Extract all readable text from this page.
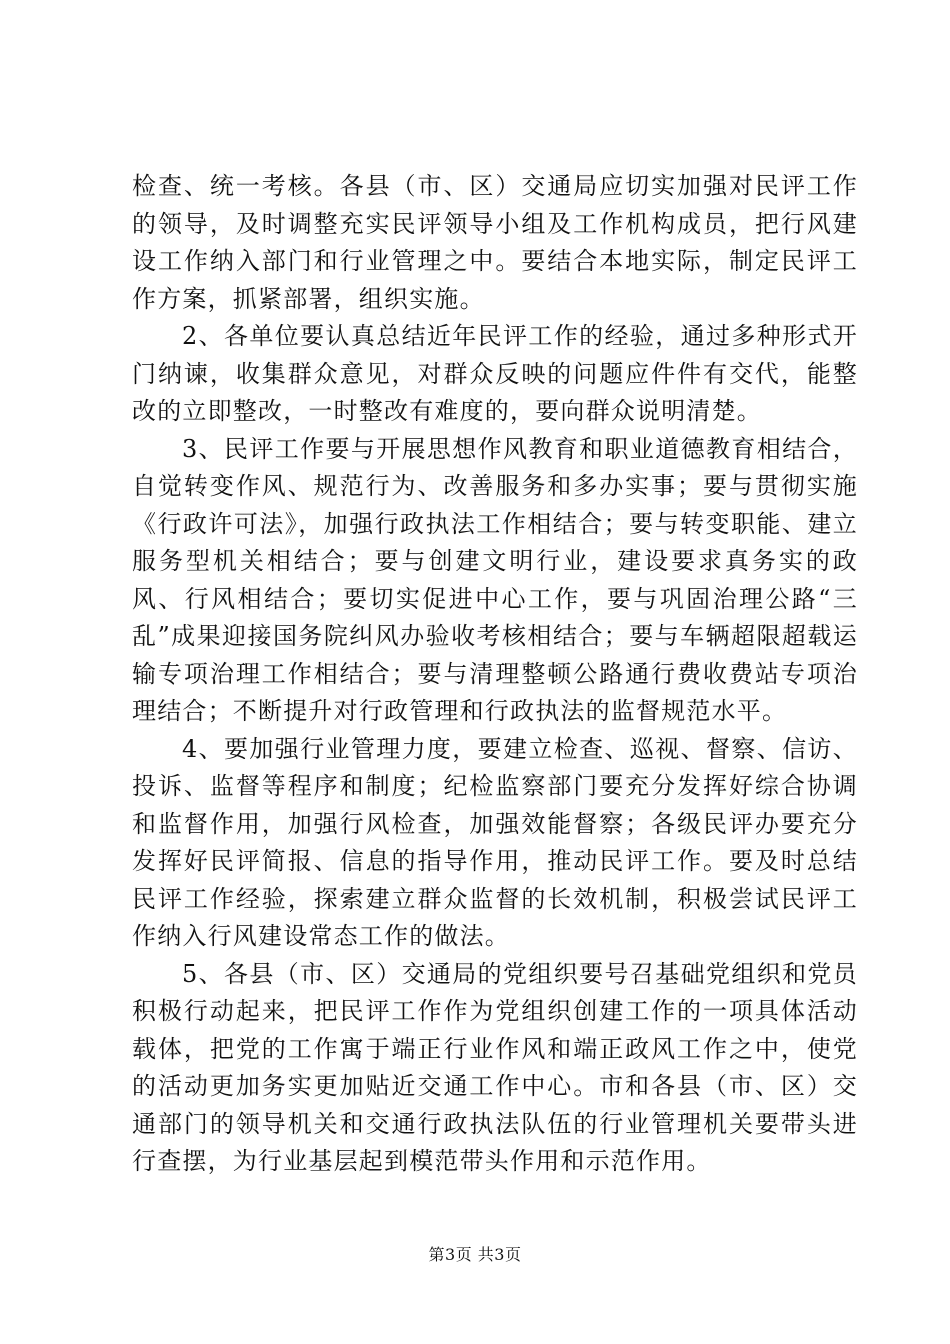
检查、统一考核。各县（市、区）交通局应切实加强对民评工作的领导，及时调整充实民评领导小组及工作机构成员，把行风建设工作纳入部门和行业管理之中。要结合本地实际，制定民评工作方案，抓紧部署，组织实施。

2、各单位要认真总结近年民评工作的经验，通过多种形式开门纳谏，收集群众意见，对群众反映的问题应件件有交代，能整改的立即整改，一时整改有难度的，要向群众说明清楚。

3、民评工作要与开展思想作风教育和职业道德教育相结合，自觉转变作风、规范行为、改善服务和多办实事；要与贯彻实施《行政许可法》，加强行政执法工作相结合；要与转变职能、建立服务型机关相结合；要与创建文明行业，建设要求真务实的政风、行风相结合；要切实促进中心工作，要与巩固治理公路“三乱”成果迎接国务院纠风办验收考核相结合；要与车辆超限超载运输专项治理工作相结合；要与清理整顿公路通行费收费站专项治理结合；不断提升对行政管理和行政执法的监督规范水平。

4、要加强行业管理力度，要建立检查、巡视、督察、信访、投诉、监督等程序和制度；纪检监察部门要充分发挥好综合协调和监督作用，加强行风检查，加强效能督察；各级民评办要充分发挥好民评简报、信息的指导作用，推动民评工作。要及时总结民评工作经验，探索建立群众监督的长效机制，积极尝试民评工作纳入行风建设常态工作的做法。

5、各县（市、区）交通局的党组织要号召基础党组织和党员积极行动起来，把民评工作作为党组织创建工作的一项具体活动载体，把党的工作寓于端正行业作风和端正政风工作之中，使党的活动更加务实更加贴近交通工作中心。市和各县（市、区）交通部门的领导机关和交通行政执法队伍的行业管理机关要带头进行查摆，为行业基层起到模范带头作用和示范作用。

第3页 共3页
